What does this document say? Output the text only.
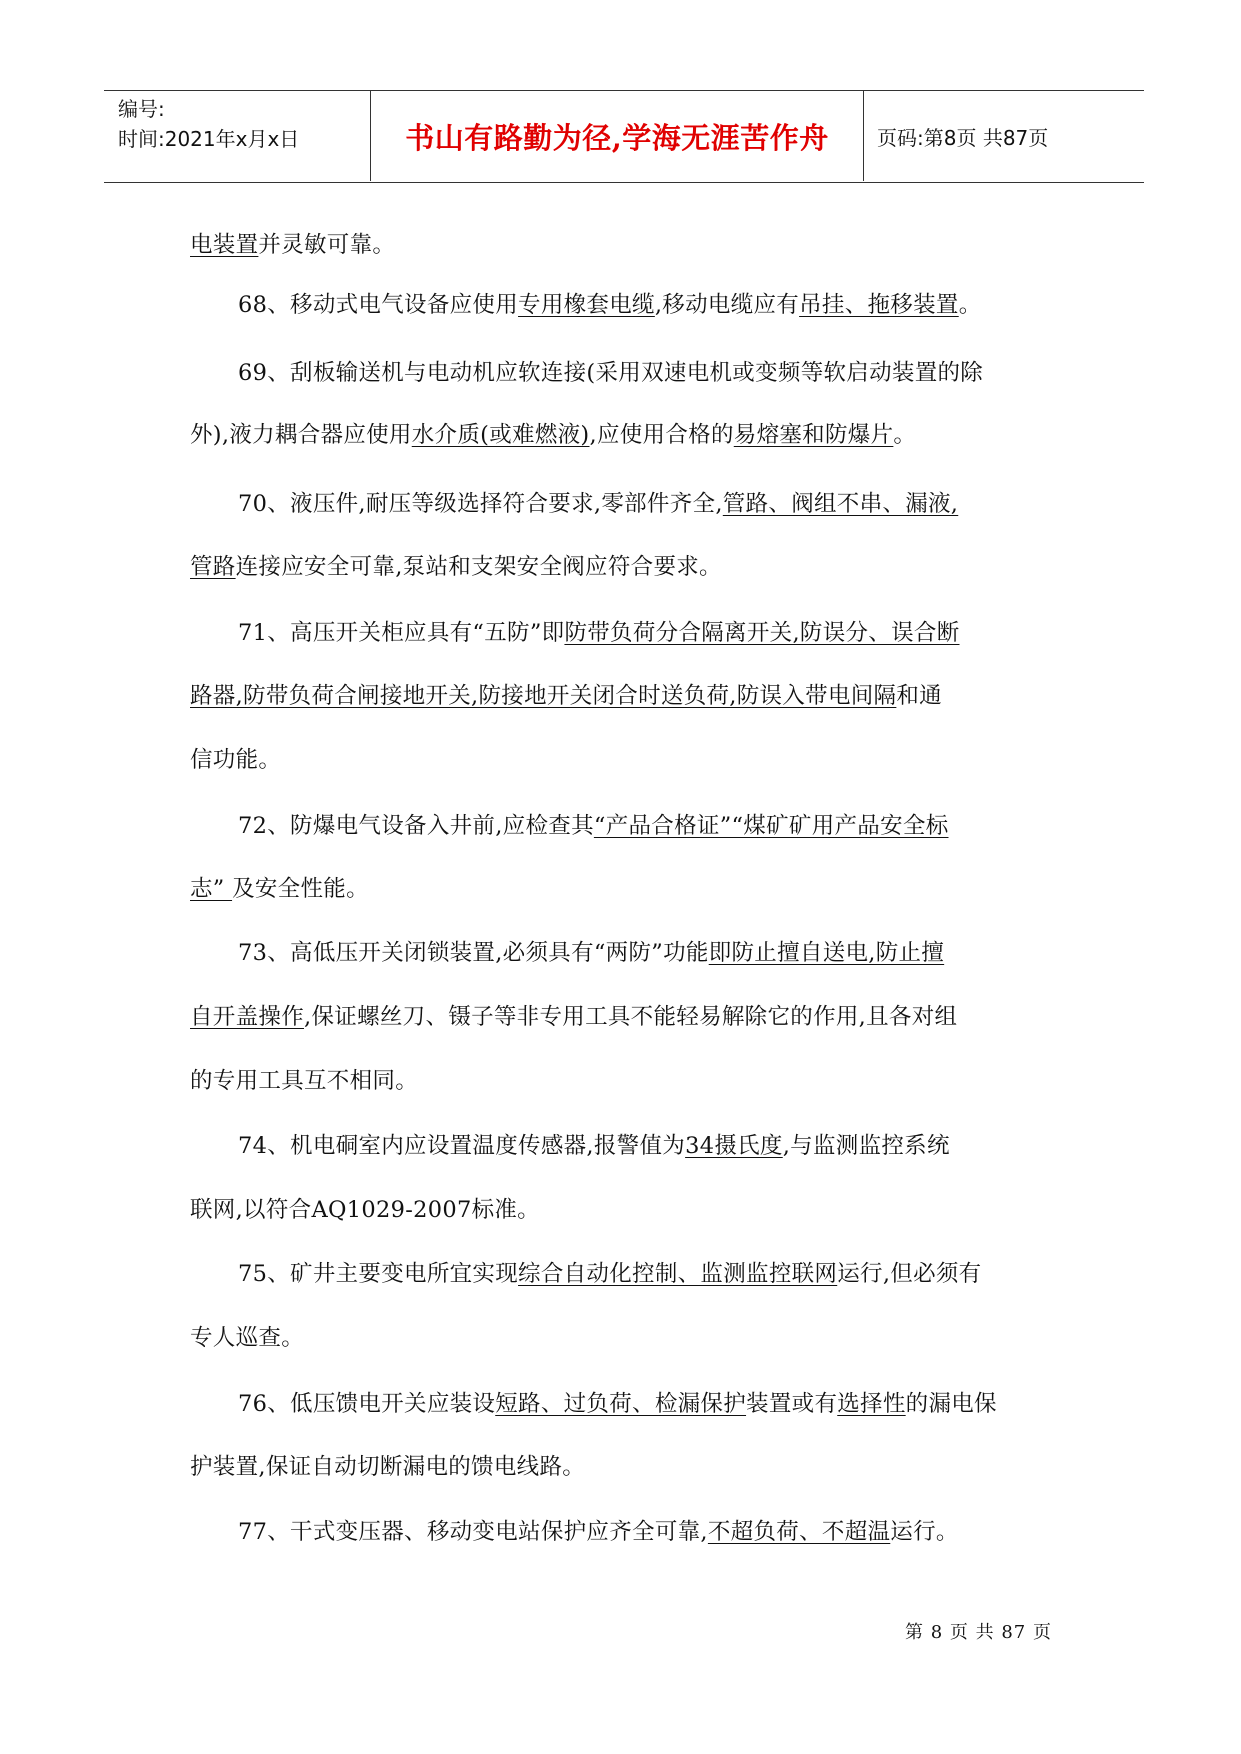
编号:
时间:2021年x月x日	书山有路勤为径,学海无涯苦作舟	页码:第8页 共87页
电装置并灵敏可靠。
68、移动式电气设备应使用专用橡套电缆,移动电缆应有吊挂、拖移装置。
69、刮板输送机与电动机应软连接(采用双速电机或变频等软启动装置的除
外),液力耦合器应使用水介质(或难燃液),应使用合格的易熔塞和防爆片。
70、液压件,耐压等级选择符合要求,零部件齐全,管路、阀组不串、漏液,
管路连接应安全可靠,泵站和支架安全阀应符合要求。
71、高压开关柜应具有“五防”即防带负荷分合隔离开关,防误分、误合断
路器,防带负荷合闸接地开关,防接地开关闭合时送负荷,防误入带电间隔和通
信功能。
72、防爆电气设备入井前,应检查其“产品合格证”“煤矿矿用产品安全标
志” 及安全性能。
73、高低压开关闭锁装置,必须具有“两防”功能即防止擅自送电,防止擅
自开盖操作,保证螺丝刀、镊子等非专用工具不能轻易解除它的作用,且各对组
的专用工具互不相同。
74、机电硐室内应设置温度传感器,报警值为34摄氏度,与监测监控系统
联网,以符合AQ1029-2007标准。
75、矿井主要变电所宜实现综合自动化控制、监测监控联网运行,但必须有
专人巡查。
76、低压馈电开关应装设短路、过负荷、检漏保护装置或有选择性的漏电保
护装置,保证自动切断漏电的馈电线路。
77、干式变压器、移动变电站保护应齐全可靠,不超负荷、不超温运行。
第 8 页 共 87 页
